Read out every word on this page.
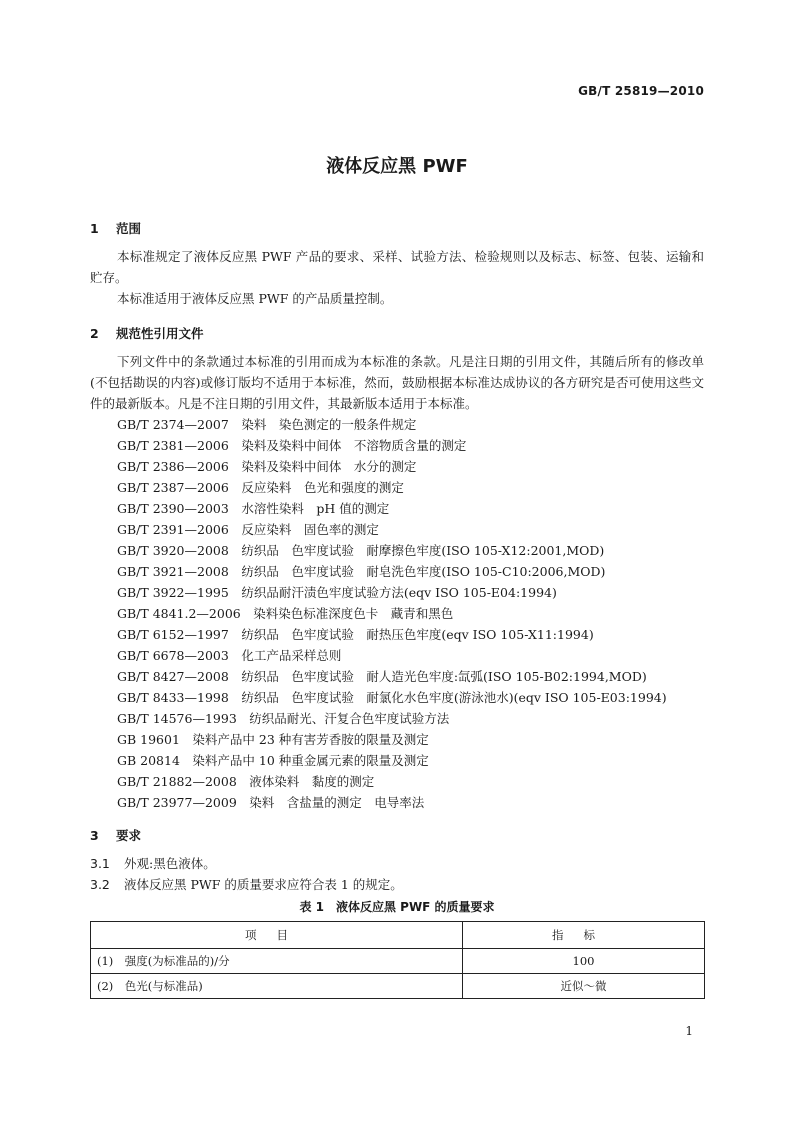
GB/T 25819—2010
液体反应黑 PWF
1 范围

本标准规定了液体反应黑 PWF 产品的要求、采样、试验方法、检验规则以及标志、标签、包装、运输和贮存。

本标准适用于液体反应黑 PWF 的产品质量控制。

2 规范性引用文件

下列文件中的条款通过本标准的引用而成为本标准的条款。凡是注日期的引用文件，其随后所有的修改单(不包括勘误的内容)或修订版均不适用于本标准，然而，鼓励根据本标准达成协议的各方研究是否可使用这些文件的最新版本。凡是不注日期的引用文件，其最新版本适用于本标准。

GB/T 2374—2007　染料　染色测定的一般条件规定
GB/T 2381—2006　染料及染料中间体　不溶物质含量的测定
GB/T 2386—2006　染料及染料中间体　水分的测定
GB/T 2387—2006　反应染料　色光和强度的测定
GB/T 2390—2003　水溶性染料　pH 值的测定
GB/T 2391—2006　反应染料　固色率的测定
GB/T 3920—2008　纺织品　色牢度试验　耐摩擦色牢度(ISO 105-X12:2001,MOD)
GB/T 3921—2008　纺织品　色牢度试验　耐皂洗色牢度(ISO 105-C10:2006,MOD)
GB/T 3922—1995　纺织品耐汗渍色牢度试验方法(eqv ISO 105-E04:1994)
GB/T 4841.2—2006　染料染色标准深度色卡　藏青和黑色
GB/T 6152—1997　纺织品　色牢度试验　耐热压色牢度(eqv ISO 105-X11:1994)
GB/T 6678—2003　化工产品采样总则
GB/T 8427—2008　纺织品　色牢度试验　耐人造光色牢度:氙弧(ISO 105-B02:1994,MOD)
GB/T 8433—1998　纺织品　色牢度试验　耐氯化水色牢度(游泳池水)(eqv ISO 105-E03:1994)
GB/T 14576—1993　纺织品耐光、汗复合色牢度试验方法
GB 19601　染料产品中 23 种有害芳香胺的限量及测定
GB 20814　染料产品中 10 种重金属元素的限量及测定
GB/T 21882—2008　液体染料　黏度的测定
GB/T 23977—2009　染料　含盐量的测定　电导率法
3 要求
3.1 外观:黑色液体。
3.2 液体反应黑 PWF 的质量要求应符合表 1 的规定。
表 1　液体反应黑 PWF 的质量要求
项目	指标
(1)　强度(为标准品的)/分	100
(2)　色光(与标准品)	近似～微
1
